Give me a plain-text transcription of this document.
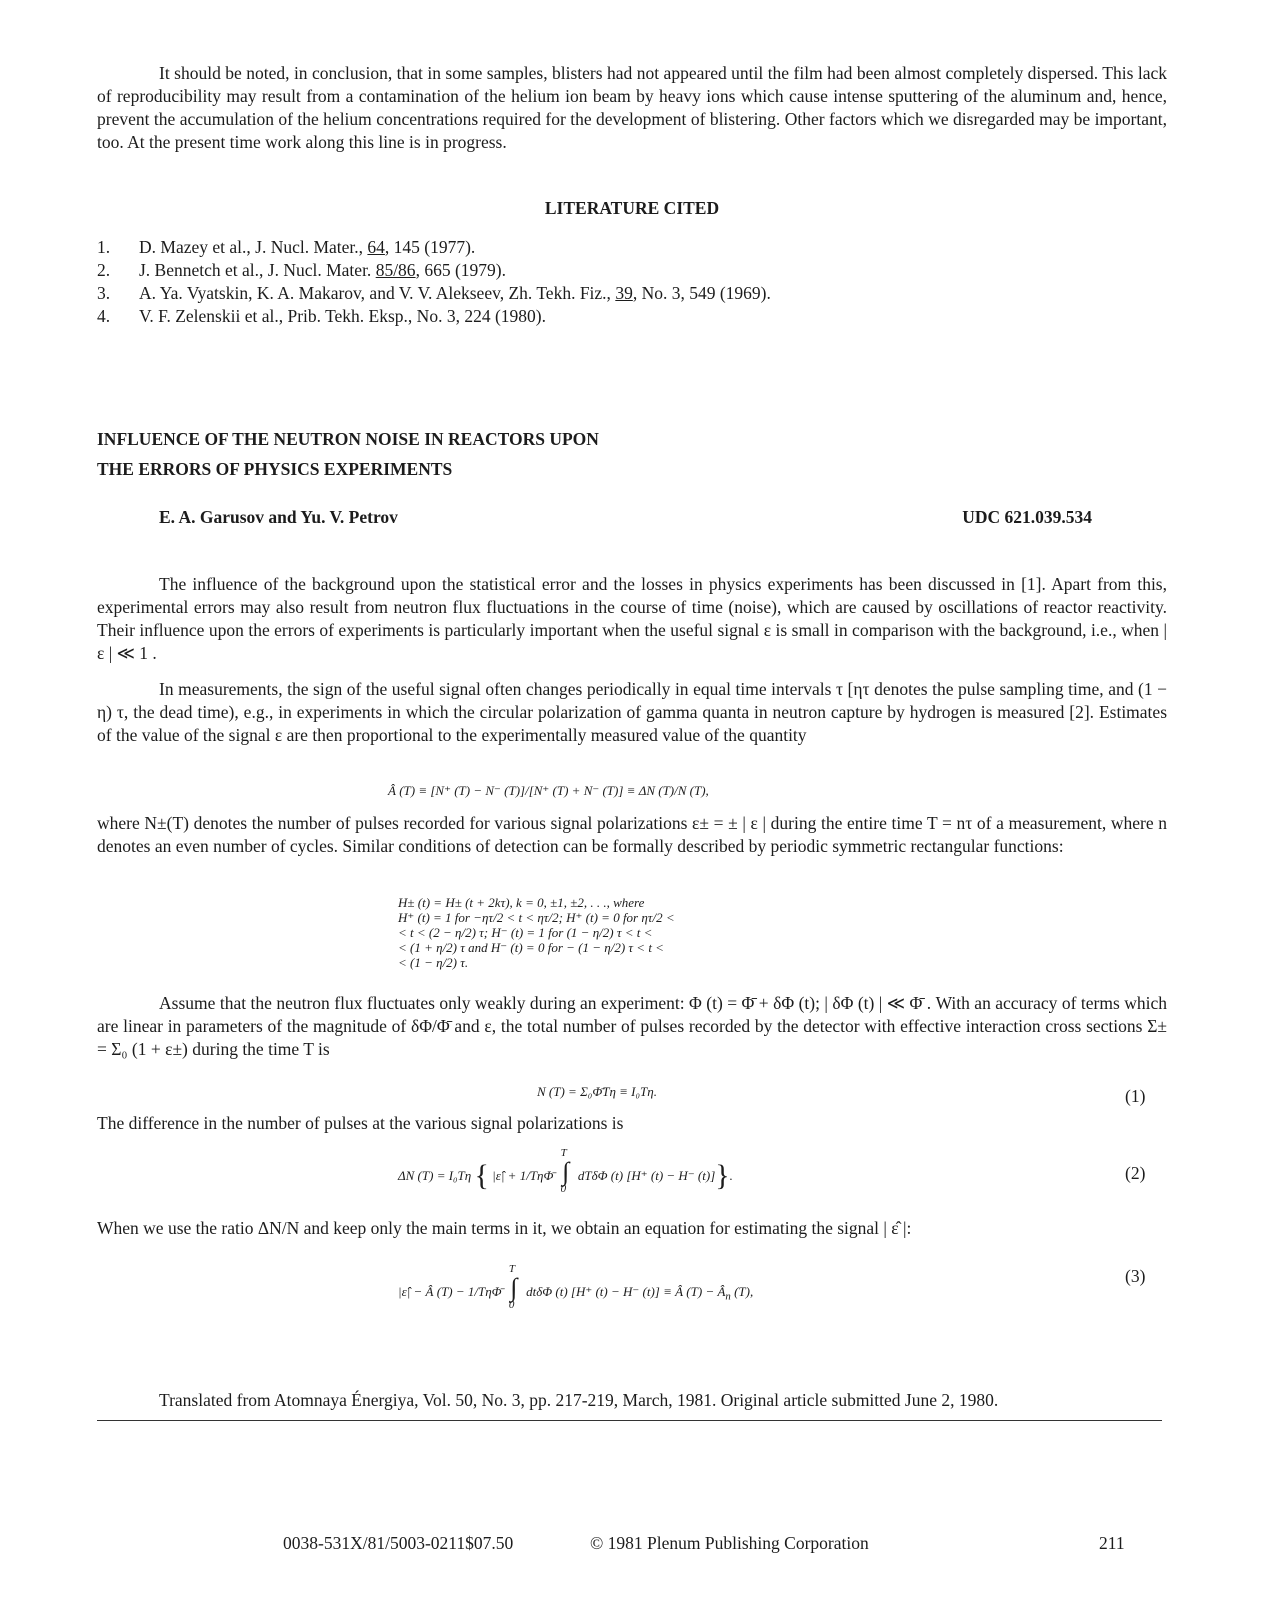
It should be noted, in conclusion, that in some samples, blisters had not appeared until the film had been almost completely dispersed. This lack of reproducibility may result from a contamination of the helium ion beam by heavy ions which cause intense sputtering of the aluminum and, hence, prevent the accumulation of the helium concentrations required for the development of blistering. Other factors which we disregarded may be important, too. At the present time work along this line is in progress.
LITERATURE CITED
1. D. Mazey et al., J. Nucl. Mater., 64, 145 (1977).
2. J. Bennetch et al., J. Nucl. Mater. 85/86, 665 (1979).
3. A. Ya. Vyatskin, K. A. Makarov, and V. V. Alekseev, Zh. Tekh. Fiz., 39, No. 3, 549 (1969).
4. V. F. Zelenskii et al., Prib. Tekh. Eksp., No. 3, 224 (1980).
INFLUENCE OF THE NEUTRON NOISE IN REACTORS UPON
THE ERRORS OF PHYSICS EXPERIMENTS
E. A. Garusov and Yu. V. Petrov	UDC 621.039.534
The influence of the background upon the statistical error and the losses in physics experiments has been discussed in [1]. Apart from this, experimental errors may also result from neutron flux fluctuations in the course of time (noise), which are caused by oscillations of reactor reactivity. Their influence upon the errors of experiments is particularly important when the useful signal ε is small in comparison with the background, i.e., when | ε | ≪ 1 .
In measurements, the sign of the useful signal often changes periodically in equal time intervals τ [ητ denotes the pulse sampling time, and (1 − η) τ, the dead time), e.g., in experiments in which the circular polarization of gamma quanta in neutron capture by hydrogen is measured [2]. Estimates of the value of the signal ε are then proportional to the experimentally measured value of the quantity
Â (T) ≡ [N⁺ (T) − N⁻ (T)]/[N⁺ (T) + N⁻ (T)] ≡ ΔN (T)/N (T),
where N±(T) denotes the number of pulses recorded for various signal polarizations ε± = ± | ε | during the entire time T = nτ of a measurement, where n denotes an even number of cycles. Similar conditions of detection can be formally described by periodic symmetric rectangular functions:
H± (t) = H± (t + 2kτ), k = 0, ±1, ±2, . . ., where
H⁺ (t) = 1 for −ητ/2 < t < ητ/2; H⁺ (t) = 0 for ητ/2 <
< t < (2 − η/2) τ; H⁻ (t) = 1 for (1 − η/2) τ < t <
< (1 + η/2) τ and H⁻ (t) = 0 for − (1 − η/2) τ < t <
< (1 − η/2) τ.
Assume that the neutron flux fluctuates only weakly during an experiment: Φ (t) = Φ̄ + δΦ (t); | δΦ (t) | ≪ Φ̄ . With an accuracy of terms which are linear in parameters of the magnitude of δΦ/Φ̄ and ε, the total number of pulses recorded by the detector with effective interaction cross sections Σ± = Σ₀ (1 + ε±) during the time T is
N (T) = Σ₀Φ̄Tη ≡ I₀Tη.	(1)
The difference in the number of pulses at the various signal polarizations is
ΔN (T) = I₀Tη { |ε̂| + 1/TηΦ̄
T
∫
0
dTδΦ (t) [H⁺ (t) − H⁻ (t)]}.	(2)
When we use the ratio ΔN/N and keep only the main terms in it, we obtain an equation for estimating the signal | ε̂ |:
|ε̂| − Â (T) − 1/TηΦ̄
T
∫
0
dtδΦ (t) [H⁺ (t) − H⁻ (t)] ≡ Â $(T) - Â_n$ (T),
(3)
Translated from Atomnaya Énergiya, Vol. 50, No. 3, pp. 217-219, March, 1981. Original article submitted June 2, 1980.
0038-531X/81/5003-0211$07.50	© 1981 Plenum Publishing Corporation	211
